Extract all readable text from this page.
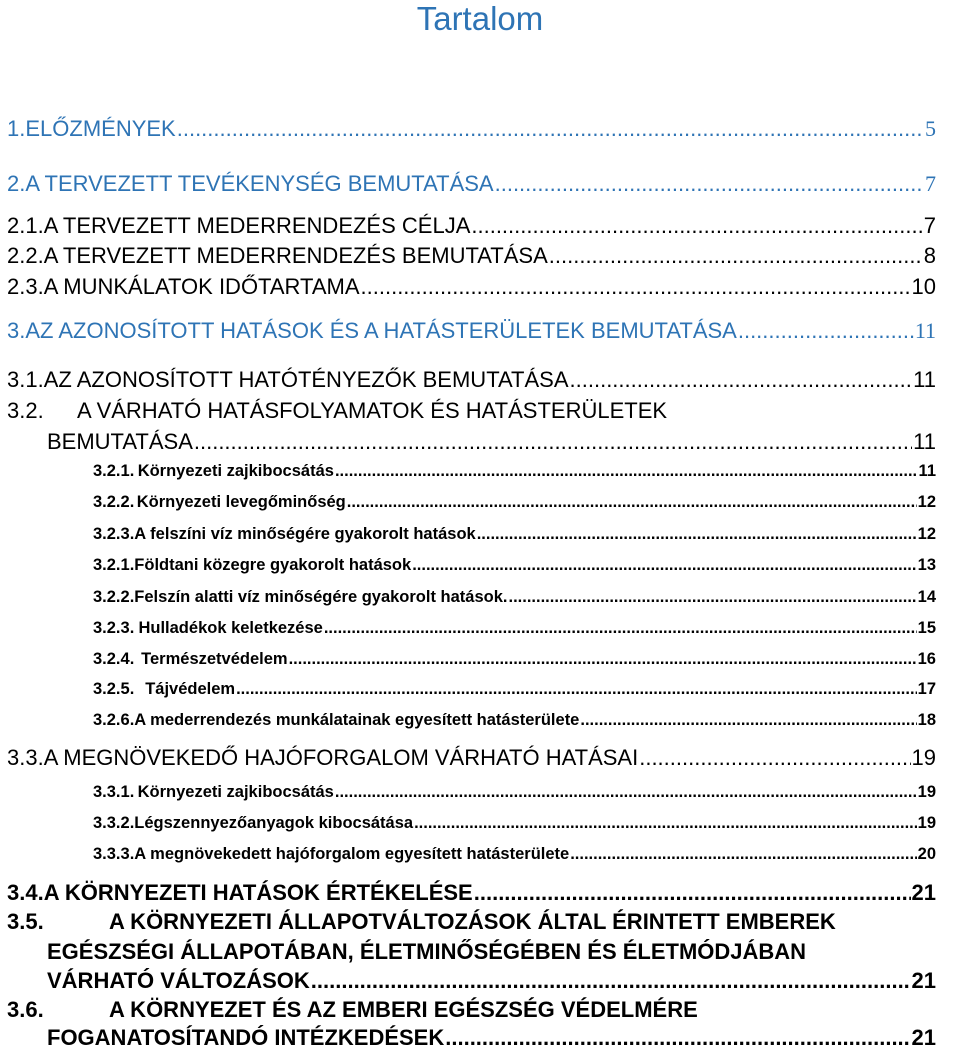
Tartalom
1. ELŐZMÉNYEK .....	5
2. A TERVEZETT TEVÉKENYSÉG BEMUTATÁSA .....	7
2.1. A TERVEZETT MEDERRENDEZÉS CÉLJA .....	7
2.2. A TERVEZETT MEDERRENDEZÉS BEMUTATÁSA .....	8
2.3. A MUNKÁLATOK IDŐTARTAMA .....	10
3. AZ AZONOSÍTOTT HATÁSOK ÉS A HATÁSTERÜLETEK BEMUTATÁSA .....	11
3.1. AZ AZONOSÍTOTT HATÓTÉNYEZŐK BEMUTATÁSA .....	11
3.2. A VÁRHATÓ HATÁSFOLYAMATOK ÉS HATÁSTERÜLETEK
BEMUTATÁSA .....	11
3.2.1. Környezeti zajkibocsátás .....	11
3.2.2. Környezeti levegőminőség .....	12
3.2.3. A felszíni víz minőségére gyakorolt hatások .....	12
3.2.1. Földtani közegre gyakorolt hatások .....	13
3.2.2. Felszín alatti víz minőségére gyakorolt hatások. .....	14
3.2.3. Hulladékok keletkezése .....	15
3.2.4. Természetvédelem .....	16
3.2.5. Tájvédelem .....	17
3.2.6. A mederrendezés munkálatainak egyesített hatásterülete .....	18
3.3. A MEGNÖVEKEDŐ HAJÓFORGALOM VÁRHATÓ HATÁSAI .....	19
3.3.1. Környezeti zajkibocsátás .....	19
3.3.2. Légszennyezőanyagok kibocsátása .....	19
3.3.3. A megnövekedett hajóforgalom egyesített hatásterülete .....	20
3.4. A KÖRNYEZETI HATÁSOK ÉRTÉKELÉSE .....	21
3.5.	A KÖRNYEZETI ÁLLAPOTVÁLTOZÁSOK ÁLTAL ÉRINTETT EMBEREK
EGÉSZSÉGI ÁLLAPOTÁBAN, ÉLETMINŐSÉGÉBEN ÉS ÉLETMÓDJÁBAN
VÁRHATÓ VÁLTOZÁSOK .....	21
3.6.	A KÖRNYEZET ÉS AZ EMBERI EGÉSZSÉG VÉDELMÉRE
FOGANATOSÍTANDÓ INTÉZKEDÉSEK .....	21
